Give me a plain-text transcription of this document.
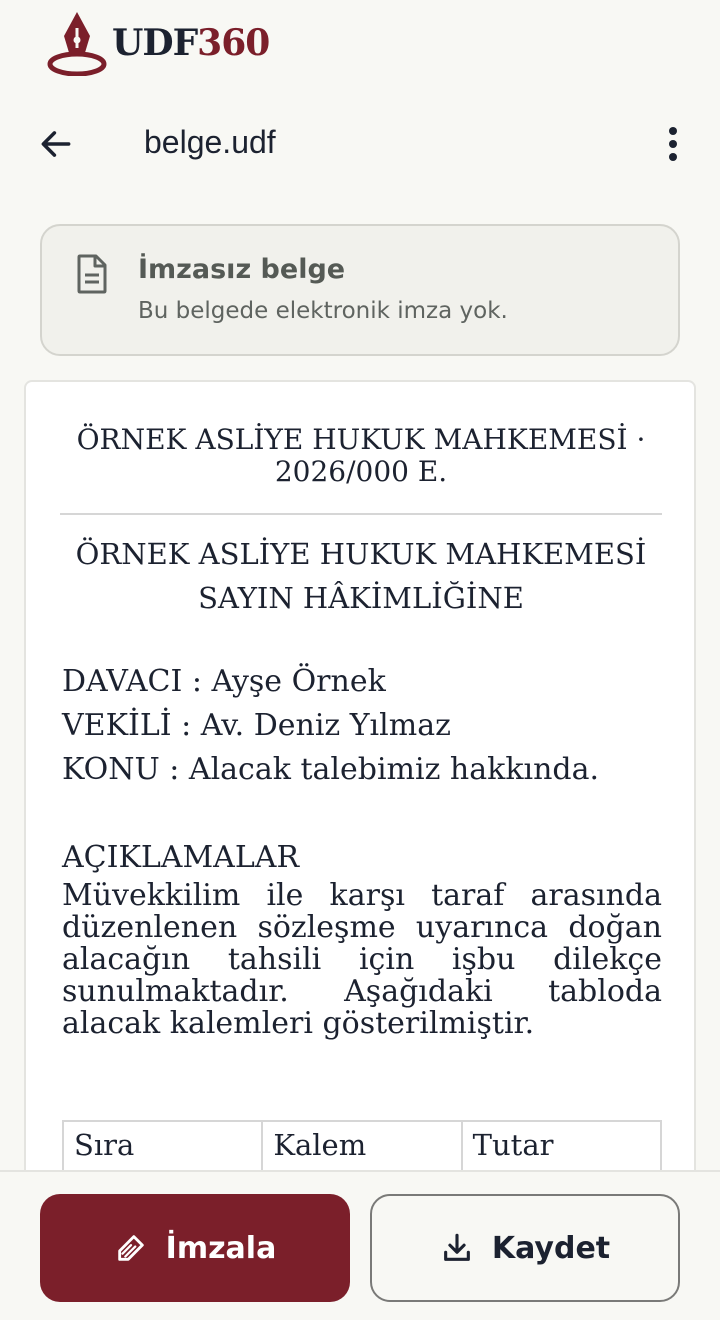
UDF360
belge.udf
İmzasız belge
Bu belgede elektronik imza yok.
ÖRNEK ASLİYE HUKUK MAHKEMESİ ·
2026/000 E.
ÖRNEK ASLİYE HUKUK MAHKEMESİ
SAYIN HÂKİMLİĞİNE
DAVACI : Ayşe Örnek
VEKİLİ : Av. Deniz Yılmaz
KONU : Alacak talebimiz hakkında.
AÇIKLAMALAR
Müvekkilim ile karşı taraf arasında düzenlenen sözleşme uyarınca doğan alacağın tahsili için işbu dilekçe sunulmaktadır. Aşağıdaki tabloda alacak kalemleri gösterilmiştir.
Sıra	Kalem	Tutar
İmzala	Kaydet
